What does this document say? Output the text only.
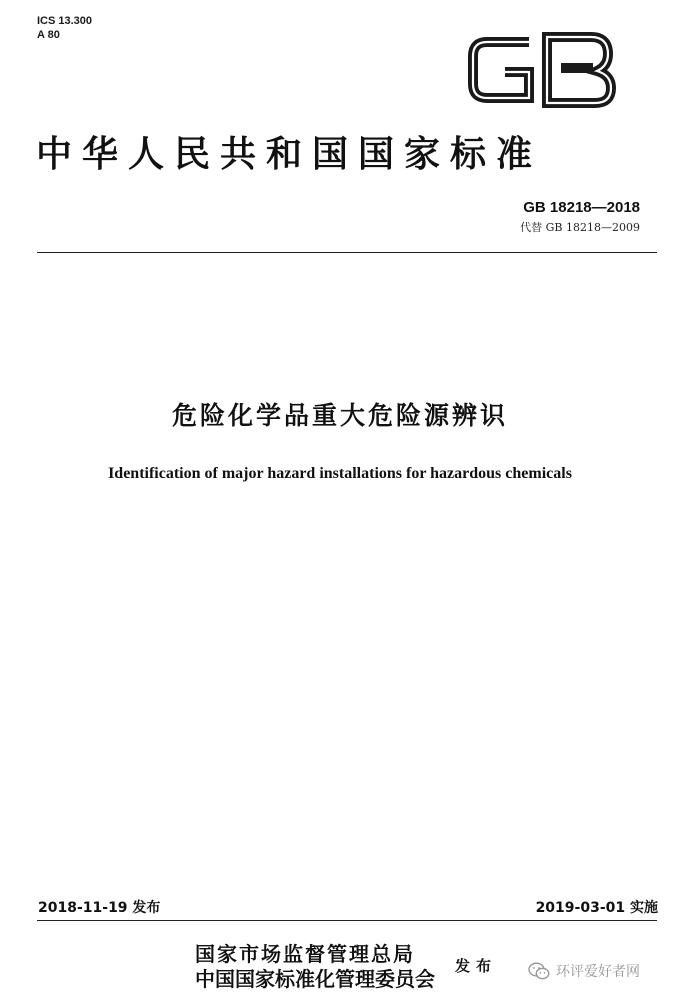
ICS 13.300
A 80
GB
中华人民共和国国家标准
GB 18218—2018
代替 GB 18218—2009
危险化学品重大危险源辨识
Identification of major hazard installations for hazardous chemicals
2018-11-19 发布	2019-03-01 实施
国家市场监督管理总局
中国国家标准化管理委员会
发布	环评爱好者网
